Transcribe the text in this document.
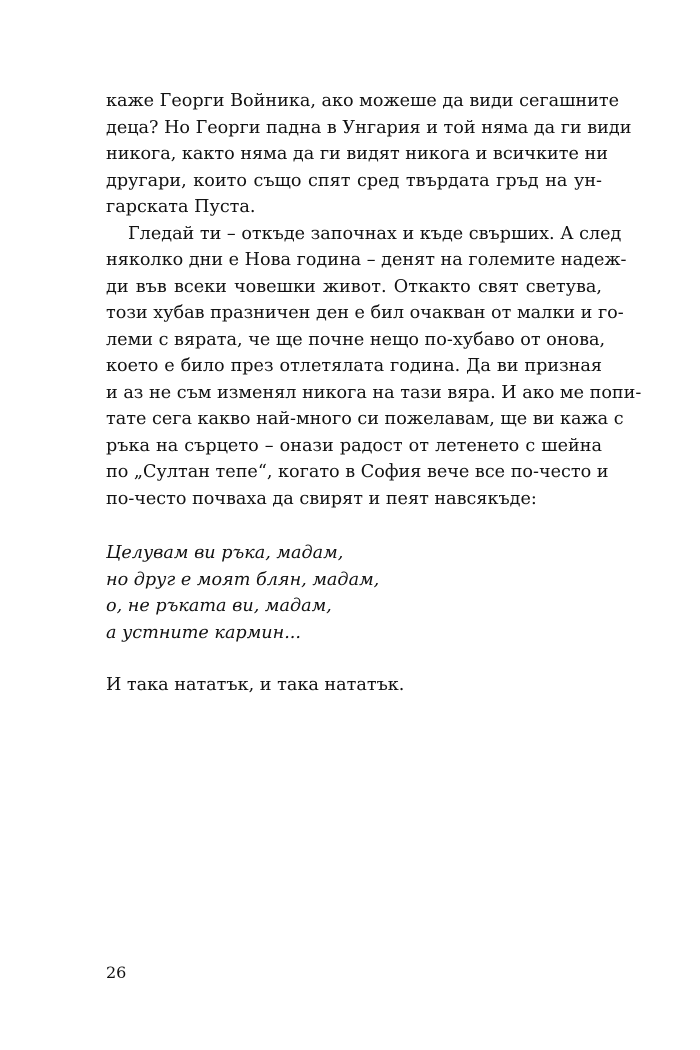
каже Георги Войника, ако можеше да види сегашните
деца? Но Георги падна в Унгария и той няма да ги види
никога, както няма да ги видят никога и всичките ни
другари, които също спят сред твърдата гръд на ун-
гарската Пуста.
Гледай ти – откъде започнах и къде свърших. А след
няколко дни е Нова година – денят на големите надеж-
ди във всеки човешки живот. Откакто свят светува,
този хубав празничен ден е бил очакван от малки и го-
леми с вярата, че ще почне нещо по-хубаво от онова,
което е било през отлетялата година. Да ви призная
и аз не съм изменял никога на тази вяра. И ако ме попи-
тате сега какво най-много си пожелавам, ще ви кажа с
ръка на сърцето – онази радост от летенето с шейна
по „Султан тепе“, когато в София вече все по-често и
по-често почваха да свирят и пеят навсякъде:
Целувам ви ръка, мадам,
но друг е моят блян, мадам,
о, не ръката ви, мадам,
а устните кармин...
И така нататък, и така нататък.
26
